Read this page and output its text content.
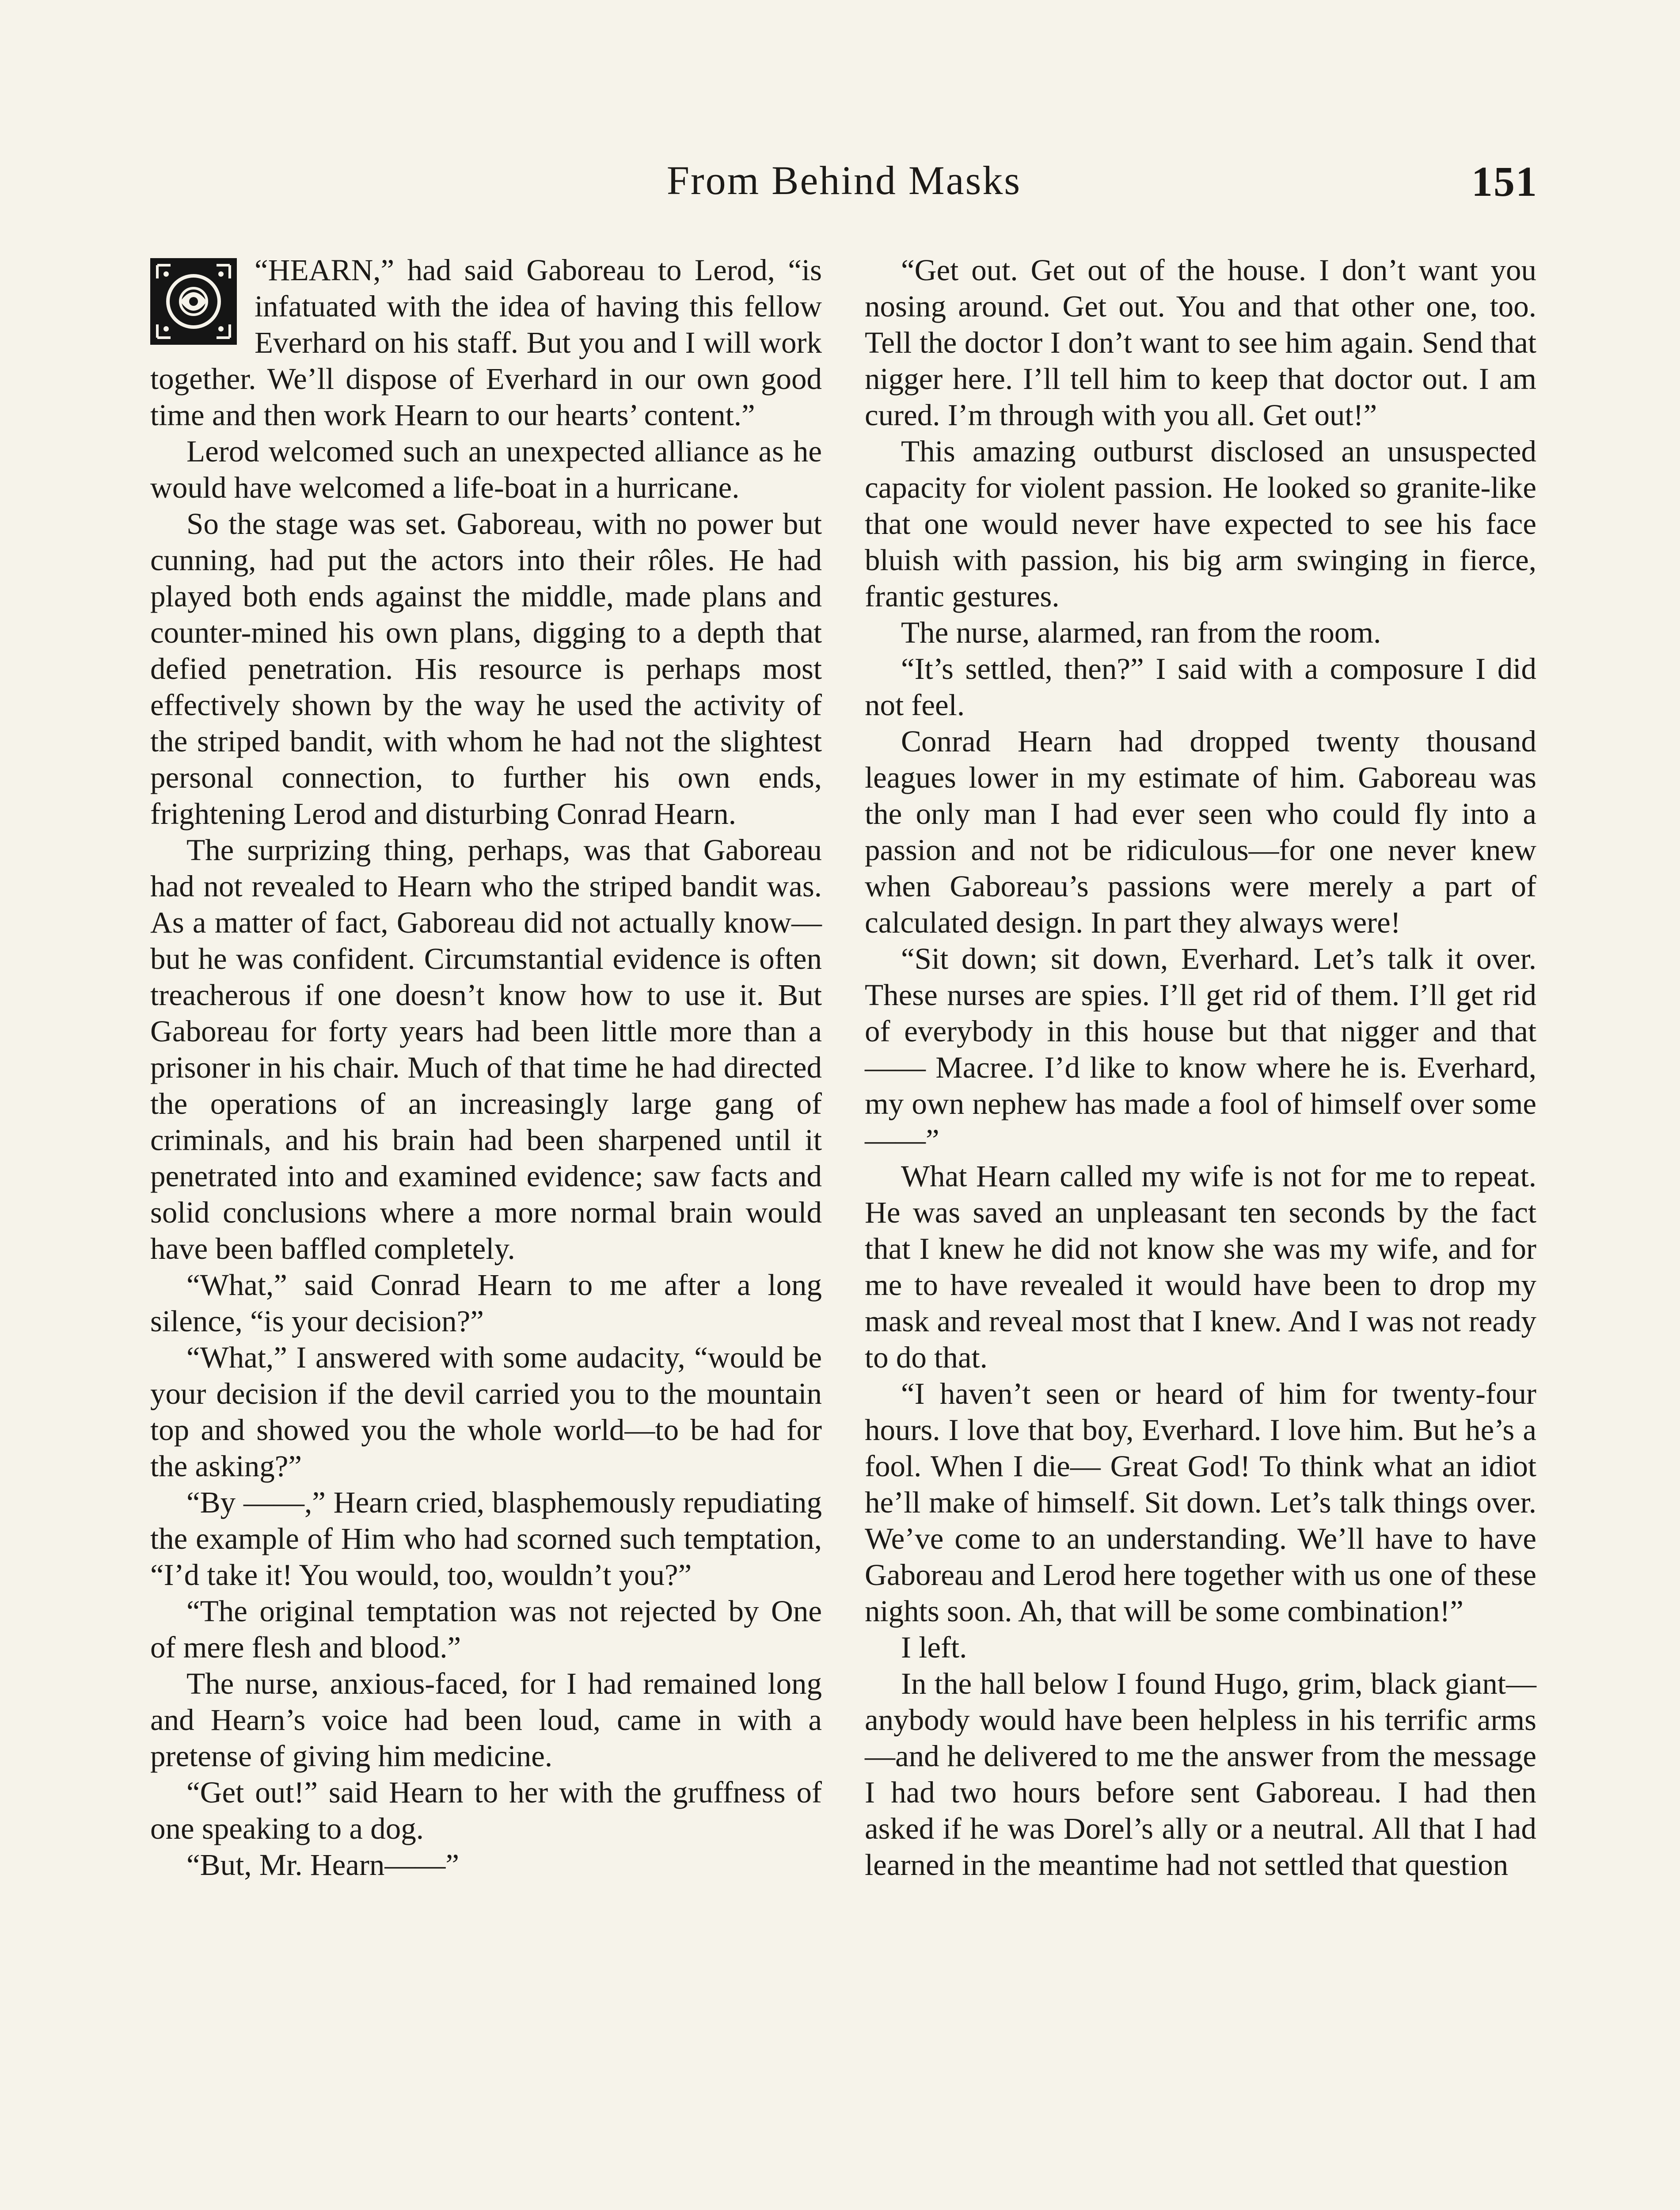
From Behind Masks	151

“HEARN,” had said Gaboreau to Lerod, “is infatuated with the idea of having this fellow Everhard on his staff. But you and I will work together. We’ll dispose of Everhard in our own good time and then work Hearn to our hearts’ content.”

Lerod welcomed such an unexpected alliance as he would have welcomed a life-boat in a hurricane.

So the stage was set. Gaboreau, with no power but cunning, had put the actors into their rôles. He had played both ends against the middle, made plans and counter-mined his own plans, digging to a depth that defied penetration. His resource is perhaps most effectively shown by the way he used the activity of the striped bandit, with whom he had not the slightest personal connection, to further his own ends, frightening Lerod and disturbing Conrad Hearn.

The surprizing thing, perhaps, was that Gaboreau had not revealed to Hearn who the striped bandit was. As a matter of fact, Gaboreau did not actually know—but he was confident. Circumstantial evidence is often treacherous if one doesn’t know how to use it. But Gaboreau for forty years had been little more than a prisoner in his chair. Much of that time he had directed the operations of an increasingly large gang of criminals, and his brain had been sharpened until it penetrated into and examined evidence; saw facts and solid conclusions where a more normal brain would have been baffled completely.

“What,” said Conrad Hearn to me after a long silence, “is your decision?”

“What,” I answered with some audacity, “would be your decision if the devil carried you to the mountain top and showed you the whole world—to be had for the asking?”

“By ——,” Hearn cried, blasphemously repudiating the example of Him who had scorned such temptation, “I’d take it! You would, too, wouldn’t you?”

“The original temptation was not rejected by One of mere flesh and blood.”

The nurse, anxious-faced, for I had remained long and Hearn’s voice had been loud, came in with a pretense of giving him medicine.

“Get out!” said Hearn to her with the gruffness of one speaking to a dog.

“But, Mr. Hearn——”

“Get out. Get out of the house. I don’t want you nosing around. Get out. You and that other one, too. Tell the doctor I don’t want to see him again. Send that nigger here. I’ll tell him to keep that doctor out. I am cured. I’m through with you all. Get out!”

This amazing outburst disclosed an unsuspected capacity for violent passion. He looked so granite-like that one would never have expected to see his face bluish with passion, his big arm swinging in fierce, frantic gestures.

The nurse, alarmed, ran from the room.

“It’s settled, then?” I said with a composure I did not feel.

Conrad Hearn had dropped twenty thousand leagues lower in my estimate of him. Gaboreau was the only man I had ever seen who could fly into a passion and not be ridiculous—for one never knew when Gaboreau’s passions were merely a part of calculated design. In part they always were!

“Sit down; sit down, Everhard. Let’s talk it over. These nurses are spies. I’ll get rid of them. I’ll get rid of everybody in this house but that nigger and that —— Macree. I’d like to know where he is. Everhard, my own nephew has made a fool of himself over some——”

What Hearn called my wife is not for me to repeat. He was saved an unpleasant ten seconds by the fact that I knew he did not know she was my wife, and for me to have revealed it would have been to drop my mask and reveal most that I knew. And I was not ready to do that.

“I haven’t seen or heard of him for twenty-four hours. I love that boy, Everhard. I love him. But he’s a fool. When I die— Great God! To think what an idiot he’ll make of himself. Sit down. Let’s talk things over. We’ve come to an understanding. We’ll have to have Gaboreau and Lerod here together with us one of these nights soon. Ah, that will be some combination!”

I left.

In the hall below I found Hugo, grim, black giant—anybody would have been helpless in his terrific arms—and he delivered to me the answer from the message I had two hours before sent Gaboreau. I had then asked if he was Dorel’s ally or a neutral. All that I had learned in the meantime had not settled that question
